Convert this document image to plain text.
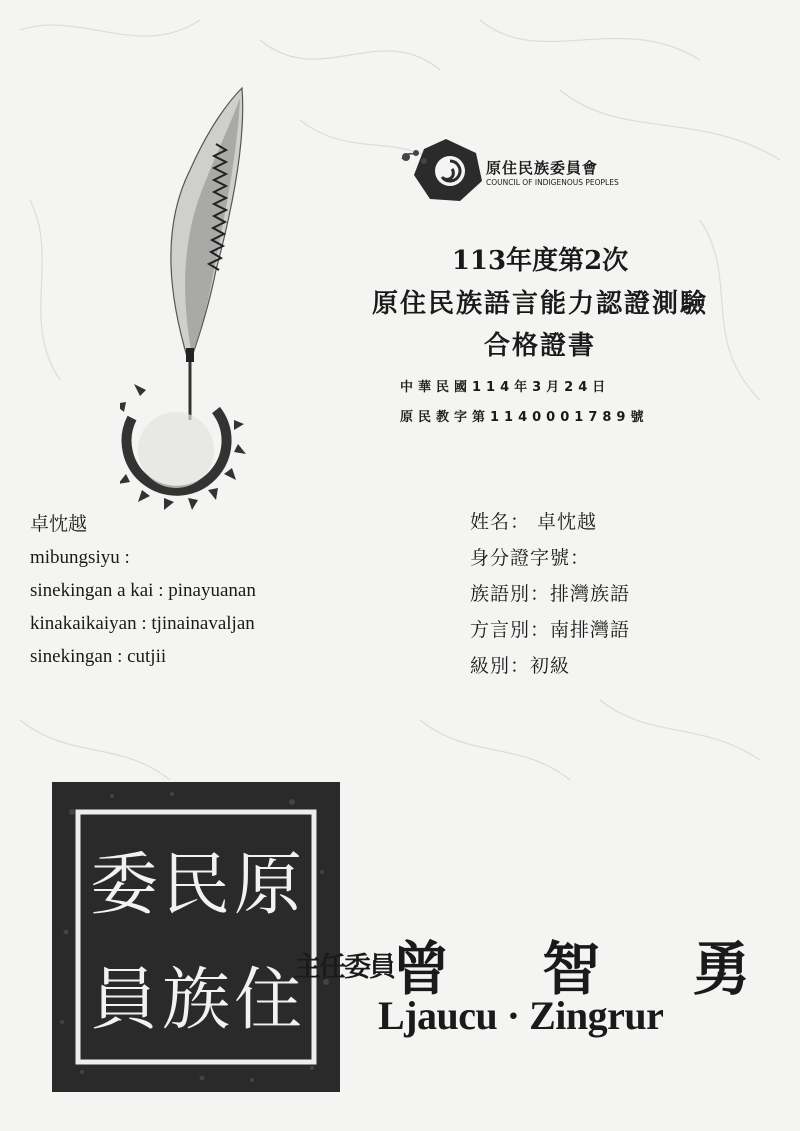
原住民族委員會
COUNCIL OF INDIGENOUS PEOPLES
113年度第2次
原住民族語言能力認證測驗
合格證書
中華民國114年3月24日
原民教字第1140001789號
卓忱越
mibungsiyu :
sinekingan a kai : pinayuanan
kinakaikaiyan : tjinainavaljan
sinekingan : cutjii
姓名： 卓忱越
身分證字號：
族語別：排灣族語
方言別：南排灣語
級別：初級
原
住
民
族
委
員	主任委員
曾 智 勇
Ljaucu · Zingrur
